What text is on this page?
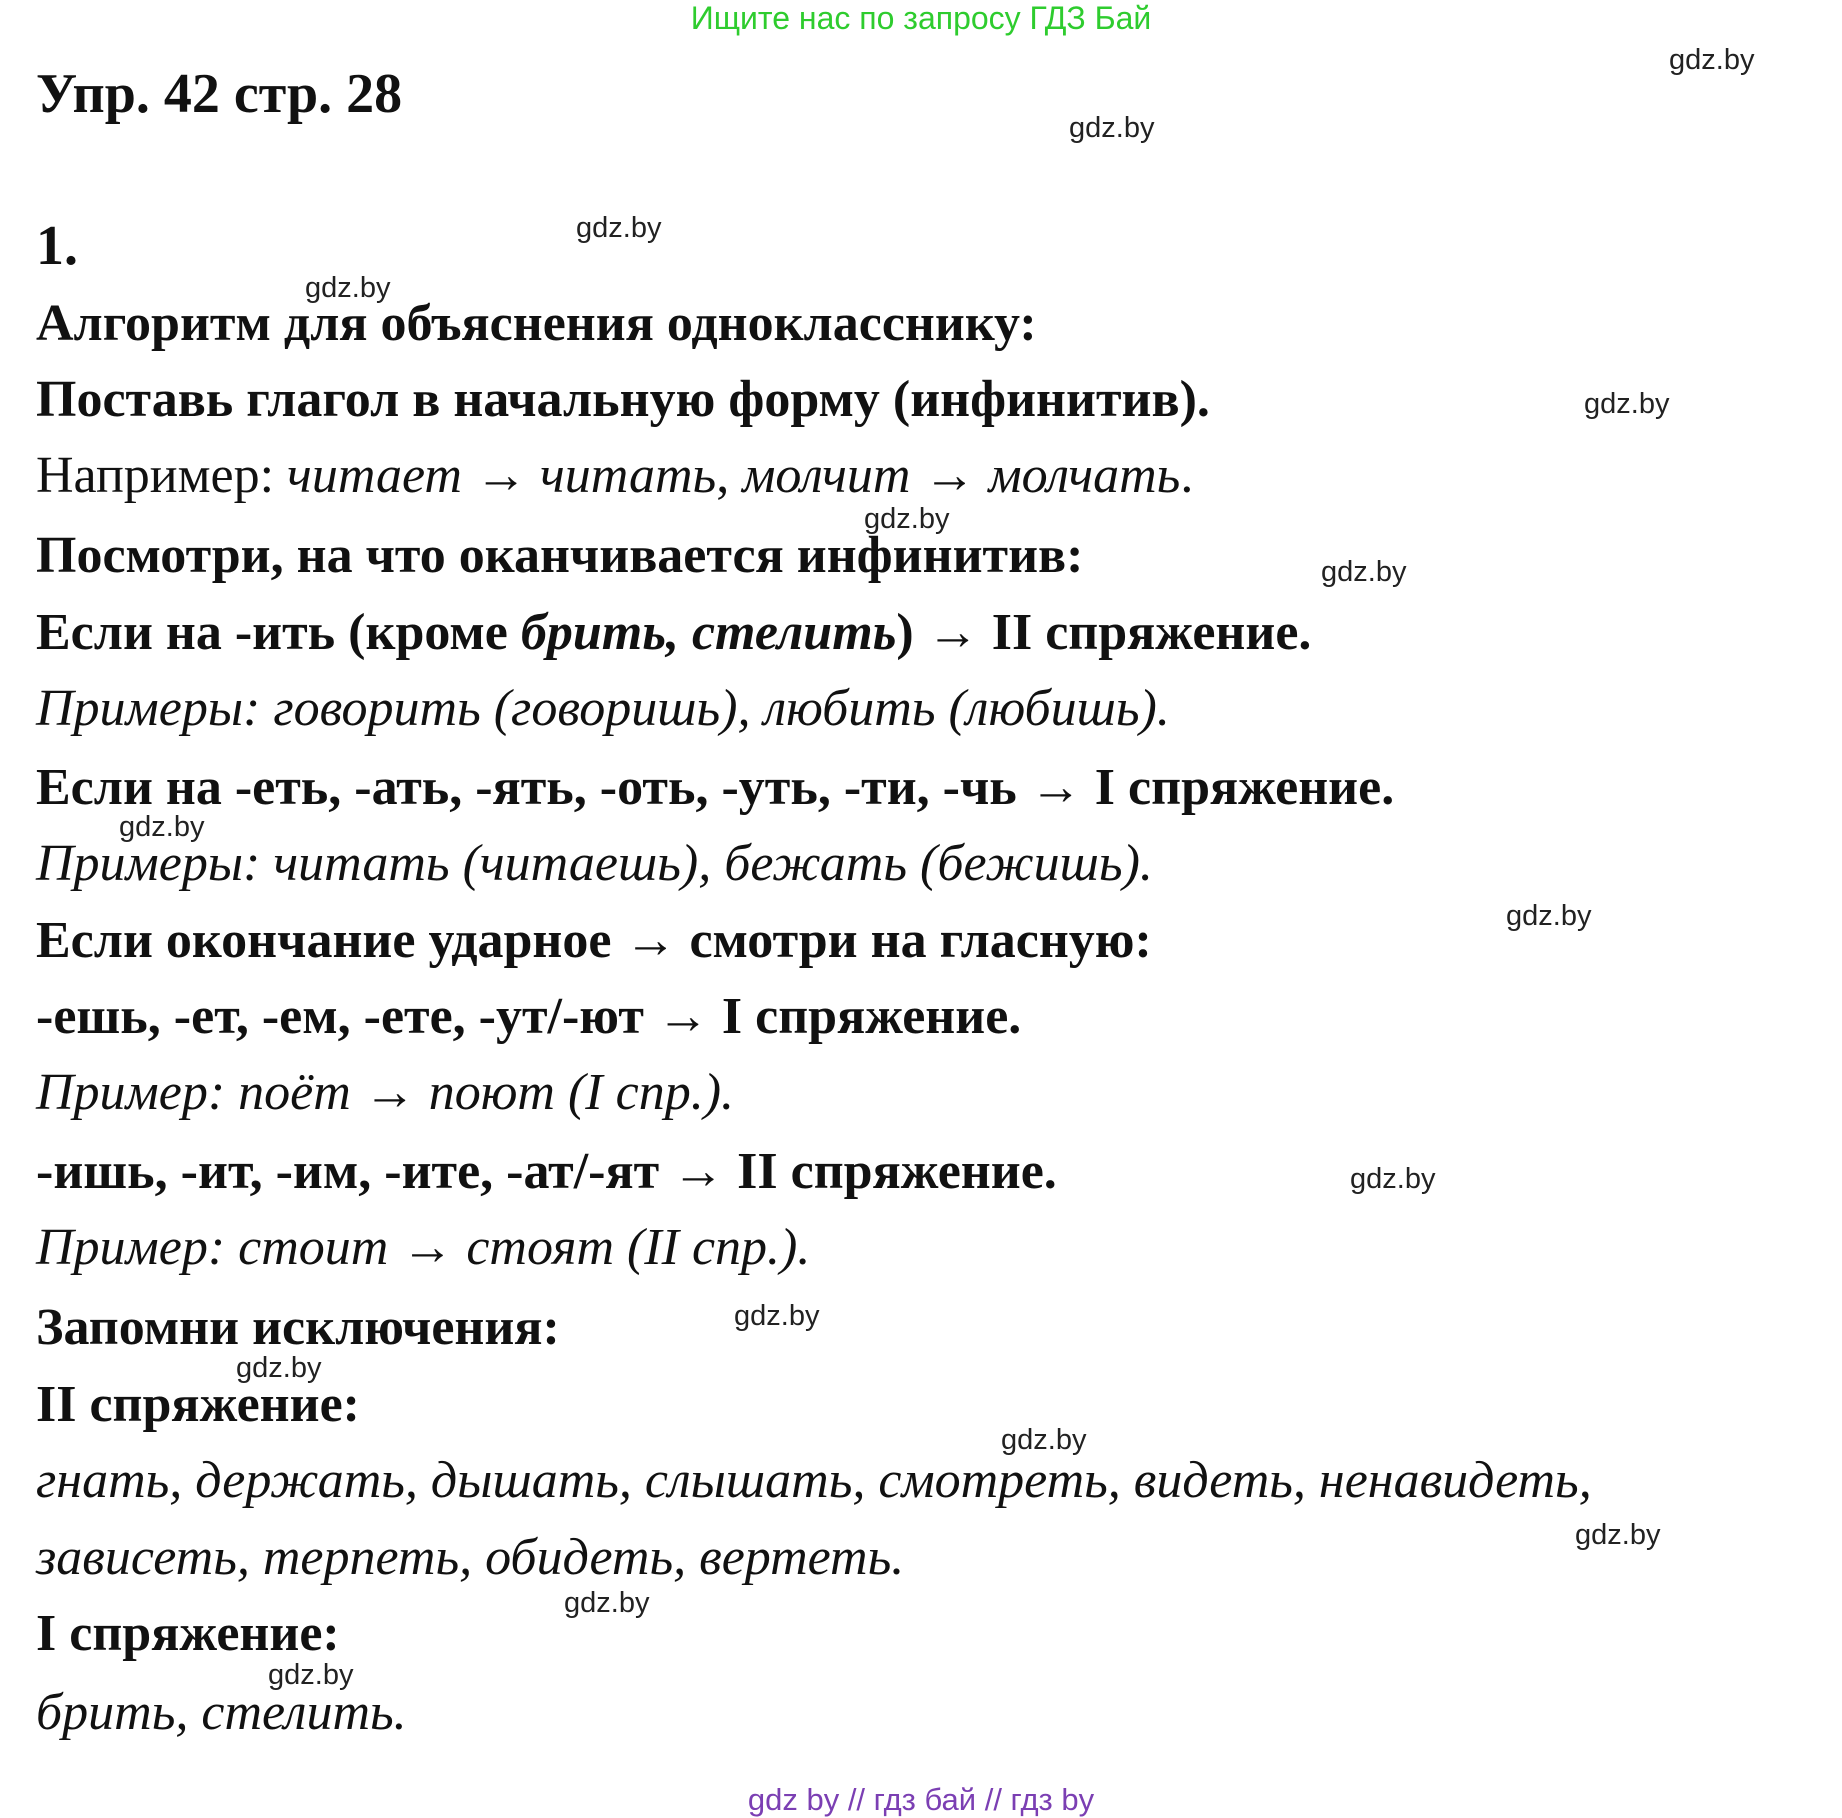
Ищите нас по запросу ГДЗ Бай
Упр. 42 стр. 28
1.
Алгоритм для объяснения однокласснику:
Поставь глагол в начальную форму (инфинитив).
Например: читает → читать, молчит → молчать.
Посмотри, на что оканчивается инфинитив:
Если на -ить (кроме брить, стелить) → II спряжение.
Примеры: говорить (говоришь), любить (любишь).
Если на -еть, -ать, -ять, -оть, -уть, -ти, -чь → I спряжение.
Примеры: читать (читаешь), бежать (бежишь).
Если окончание ударное → смотри на гласную:
-ешь, -ет, -ем, -ете, -ут/-ют → I спряжение.
Пример: поёт → поют (I спр.).
-ишь, -ит, -им, -ите, -ат/-ят → II спряжение.
Пример: стоит → стоят (II спр.).
Запомни исключения:
II спряжение:
гнать, держать, дышать, слышать, смотреть, видеть, ненавидеть,
зависеть, терпеть, обидеть, вертеть.
I спряжение:
брить, стелить.
gdz.by
gdz.by
gdz.by
gdz.by
gdz.by
gdz.by
gdz.by
gdz.by
gdz.by
gdz.by
gdz.by
gdz.by
gdz.by
gdz.by
gdz.by
gdz.by
gdz by // гдз бай // гдз by
